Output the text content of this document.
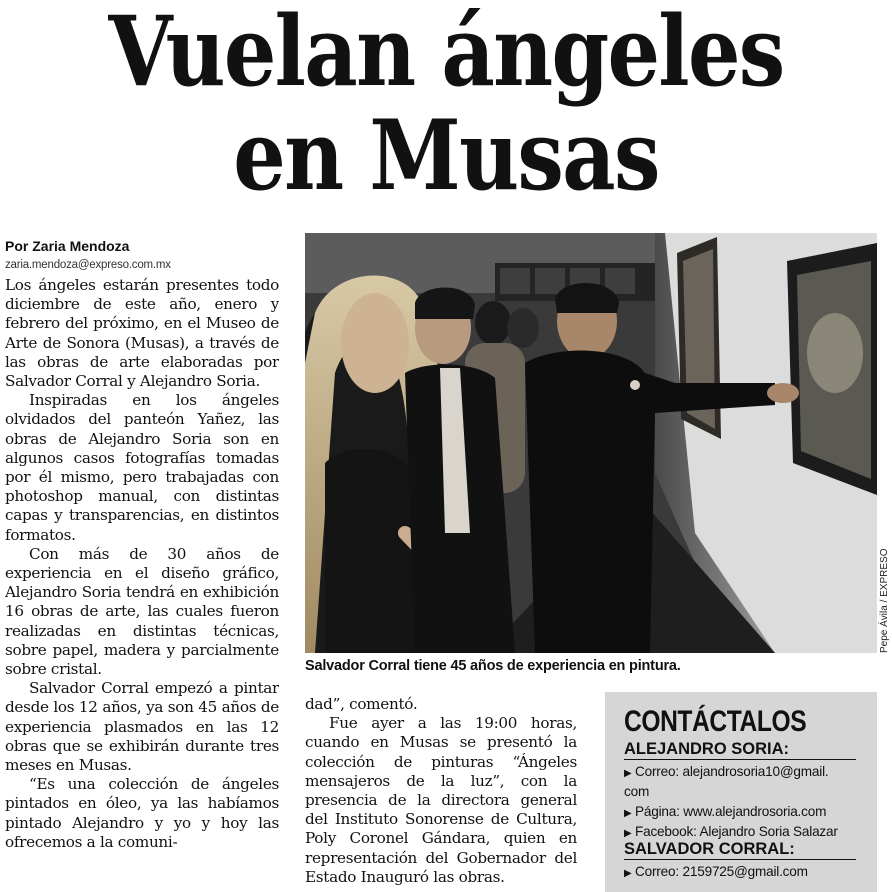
Vuelan ángeles
en Musas
Por Zaria Mendoza
zaria.mendoza@expreso.com.mx

Los ángeles estarán presentes todo diciembre de este año, enero y febrero del próximo, en el Museo de Arte de Sonora (Musas), a través de las obras de arte elaboradas por Salvador Corral y Alejandro Soria.

Inspiradas en los ángeles olvidados del panteón Yañez, las obras de Alejandro Soria son en algunos casos fotografías tomadas por él mismo, pero trabajadas con photoshop manual, con distintas capas y transparencias, en distintos formatos.

Con más de 30 años de experiencia en el diseño gráfico, Alejandro Soria tendrá en exhibición 16 obras de arte, las cuales fueron realizadas en distintas técnicas, sobre papel, madera y parcialmente sobre cristal.

Salvador Corral empezó a pintar desde los 12 años, ya son 45 años de experiencia plasmados en las 12 obras que se exhibirán durante tres meses en Musas.

“Es una colección de ángeles pintados en óleo, ya las habíamos pintado Alejandro y yo y hoy las ofrecemos a la comuni-

Pepe Ávila / EXPRESO
Salvador Corral tiene 45 años de experiencia en pintura.

dad”, comentó.

Fue ayer a las 19:00 horas, cuando en Musas se presentó la colección de pinturas “Ángeles mensajeros de la luz”, con la presencia de la directora general del Instituto Sonorense de Cultura, Poly Coronel Gándara, quien en representación del Gobernador del Estado Inauguró las obras.

CONTÁCTALOS
ALEJANDRO SORIA:
▶ Correo: alejandrosoria10@gmail.
com
▶ Página: www.alejandrosoria.com
▶ Facebook: Alejandro Soria Salazar
SALVADOR CORRAL:
▶ Correo: 2159725@gmail.com
